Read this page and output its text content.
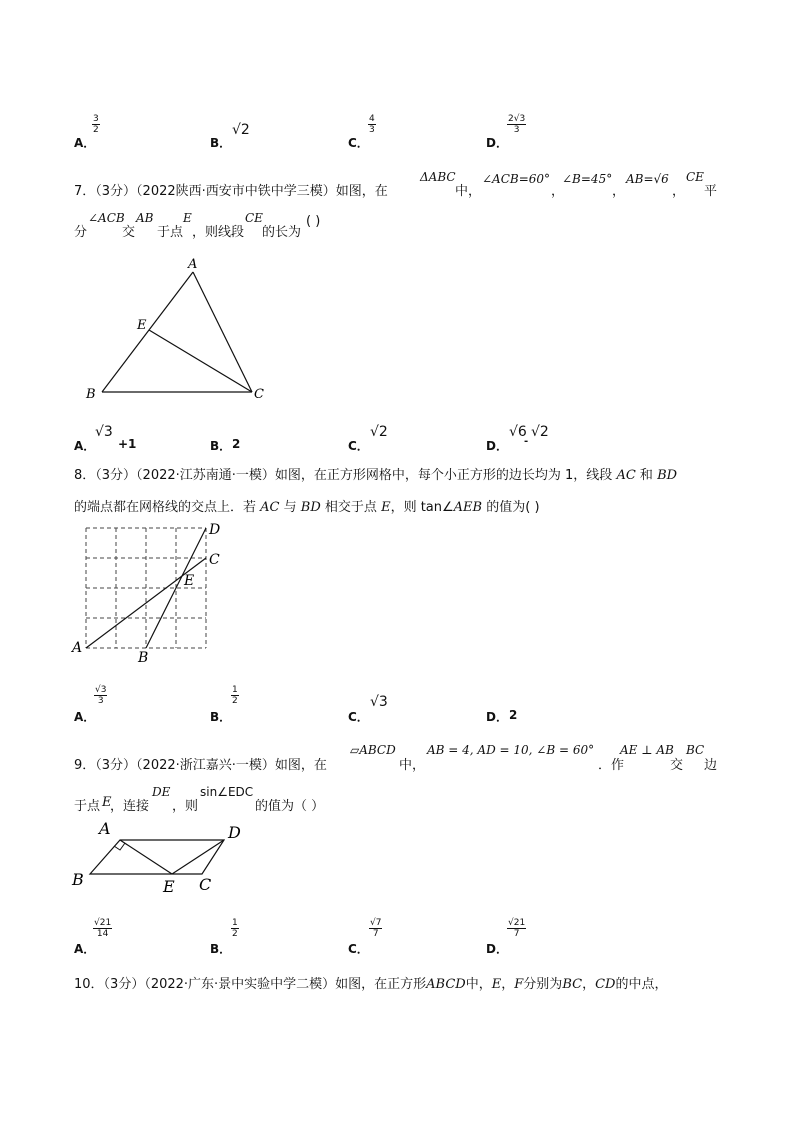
A．
$\frac{3}{2}$
B．
√2
C．
$\frac{4}{3}$
D．
$\frac{2√3}{3}$
7．（3分）（2022陕西·西安市中铁中学三模）如图，在
ΔABC
中，
∠ACB=60°
，
∠B=45°
，
AB=√6
，
CE
平
分
∠ACB
交
AB
于点
E
，则线段
CE
的长为
( )
A
B	C
E
A．
√3
+1	B． 2	C．
√2
D．
√6
-
√2
8．（3分）（2022·江苏南通·一模）如图，在正方形网格中，每个小正方形的边长均为 1，线段 AC 和 BD
的端点都在网格线的交点上．若 AC 与 BD 相交于点 E，则 tan∠AEB 的值为( )
A
B
C
D
E
A．
$\frac{√3}{3}$
B．
$\frac{1}{2}$
C．
√3
D． 2
9．（3分）（2022·浙江嘉兴·一模）如图，在
▱ABCD
中，
AB = 4, AD = 10, ∠B = 60°
．作
AE ⊥ AB
交
BC
边
于点 E
，连接
DE
，则
sin∠EDC
的值为（ ）
A
B	C
D
E
A．
$\frac{√21}{14}$
B．
$\frac{1}{2}$
C．
$\frac{√7}{7}$
D．
$\frac{√21}{7}$
10．（3分）（2022·广东·景中实验中学二模）如图，在正方形ABCD中，E，F分别为BC，CD的中点，
